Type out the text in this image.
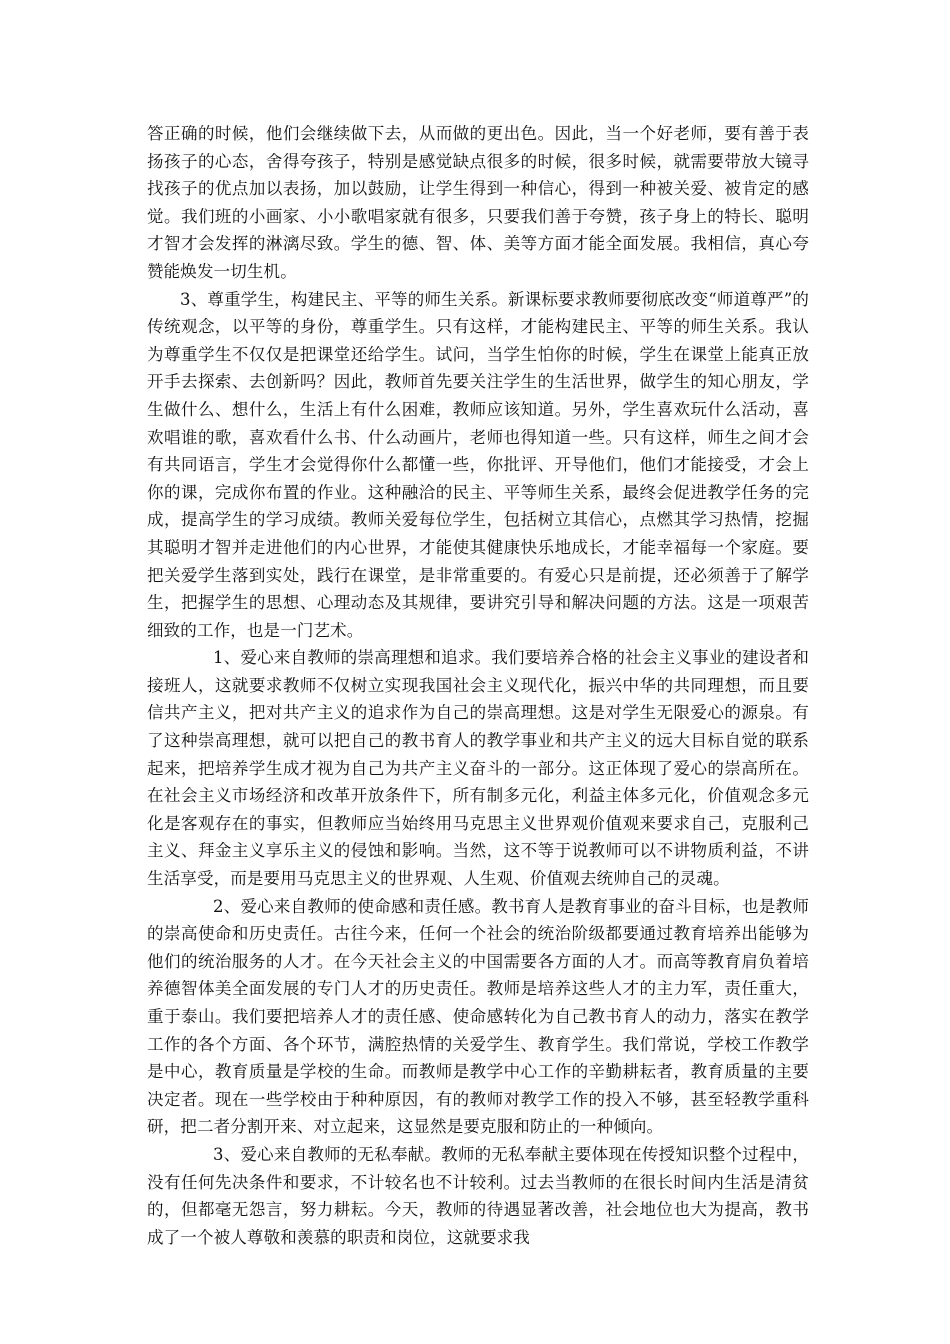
答正确的时候，他们会继续做下去，从而做的更出色。因此，当一个好老师，要有善于表扬孩子的心态，舍得夸孩子，特别是感觉缺点很多的时候，很多时候，就需要带放大镜寻找孩子的优点加以表扬，加以鼓励，让学生得到一种信心，得到一种被关爱、被肯定的感觉。我们班的小画家、小小歌唱家就有很多，只要我们善于夸赞，孩子身上的特长、聪明才智才会发挥的淋漓尽致。学生的德、智、体、美等方面才能全面发展。我相信，真心夸赞能焕发一切生机。

3、尊重学生，构建民主、平等的师生关系。新课标要求教师要彻底改变“师道尊严”的传统观念，以平等的身份，尊重学生。只有这样，才能构建民主、平等的师生关系。我认为尊重学生不仅仅是把课堂还给学生。试问，当学生怕你的时候，学生在课堂上能真正放开手去探索、去创新吗？因此，教师首先要关注学生的生活世界，做学生的知心朋友，学生做什么、想什么，生活上有什么困难，教师应该知道。另外，学生喜欢玩什么活动，喜欢唱谁的歌，喜欢看什么书、什么动画片，老师也得知道一些。只有这样，师生之间才会有共同语言，学生才会觉得你什么都懂一些，你批评、开导他们，他们才能接受，才会上你的课，完成你布置的作业。这种融洽的民主、平等师生关系，最终会促进教学任务的完成，提高学生的学习成绩。教师关爱每位学生，包括树立其信心，点燃其学习热情，挖掘其聪明才智并走进他们的内心世界，才能使其健康快乐地成长，才能幸福每一个家庭。要把关爱学生落到实处，践行在课堂，是非常重要的。有爱心只是前提，还必须善于了解学生，把握学生的思想、心理动态及其规律，要讲究引导和解决问题的方法。这是一项艰苦细致的工作，也是一门艺术。

1、爱心来自教师的崇高理想和追求。我们要培养合格的社会主义事业的建设者和接班人，这就要求教师不仅树立实现我国社会主义现代化，振兴中华的共同理想，而且要信共产主义，把对共产主义的追求作为自己的崇高理想。这是对学生无限爱心的源泉。有了这种崇高理想，就可以把自己的教书育人的教学事业和共产主义的远大目标自觉的联系起来，把培养学生成才视为自己为共产主义奋斗的一部分。这正体现了爱心的崇高所在。在社会主义市场经济和改革开放条件下，所有制多元化，利益主体多元化，价值观念多元化是客观存在的事实，但教师应当始终用马克思主义世界观价值观来要求自己，克服利己主义、拜金主义享乐主义的侵蚀和影响。当然，这不等于说教师可以不讲物质利益，不讲生活享受，而是要用马克思主义的世界观、人生观、价值观去统帅自己的灵魂。

2、爱心来自教师的使命感和责任感。教书育人是教育事业的奋斗目标，也是教师的崇高使命和历史责任。古往今来，任何一个社会的统治阶级都要通过教育培养出能够为他们的统治服务的人才。在今天社会主义的中国需要各方面的人才。而高等教育肩负着培养德智体美全面发展的专门人才的历史责任。教师是培养这些人才的主力军，责任重大，重于泰山。我们要把培养人才的责任感、使命感转化为自己教书育人的动力，落实在教学工作的各个方面、各个环节，满腔热情的关爱学生、教育学生。我们常说，学校工作教学是中心，教育质量是学校的生命。而教师是教学中心工作的辛勤耕耘者，教育质量的主要决定者。现在一些学校由于种种原因，有的教师对教学工作的投入不够，甚至轻教学重科研，把二者分割开来、对立起来，这显然是要克服和防止的一种倾向。

3、爱心来自教师的无私奉献。教师的无私奉献主要体现在传授知识整个过程中，没有任何先决条件和要求，不计较名也不计较利。过去当教师的在很长时间内生活是清贫的，但都毫无怨言，努力耕耘。今天，教师的待遇显著改善，社会地位也大为提高，教书成了一个被人尊敬和羡慕的职责和岗位，这就要求我
